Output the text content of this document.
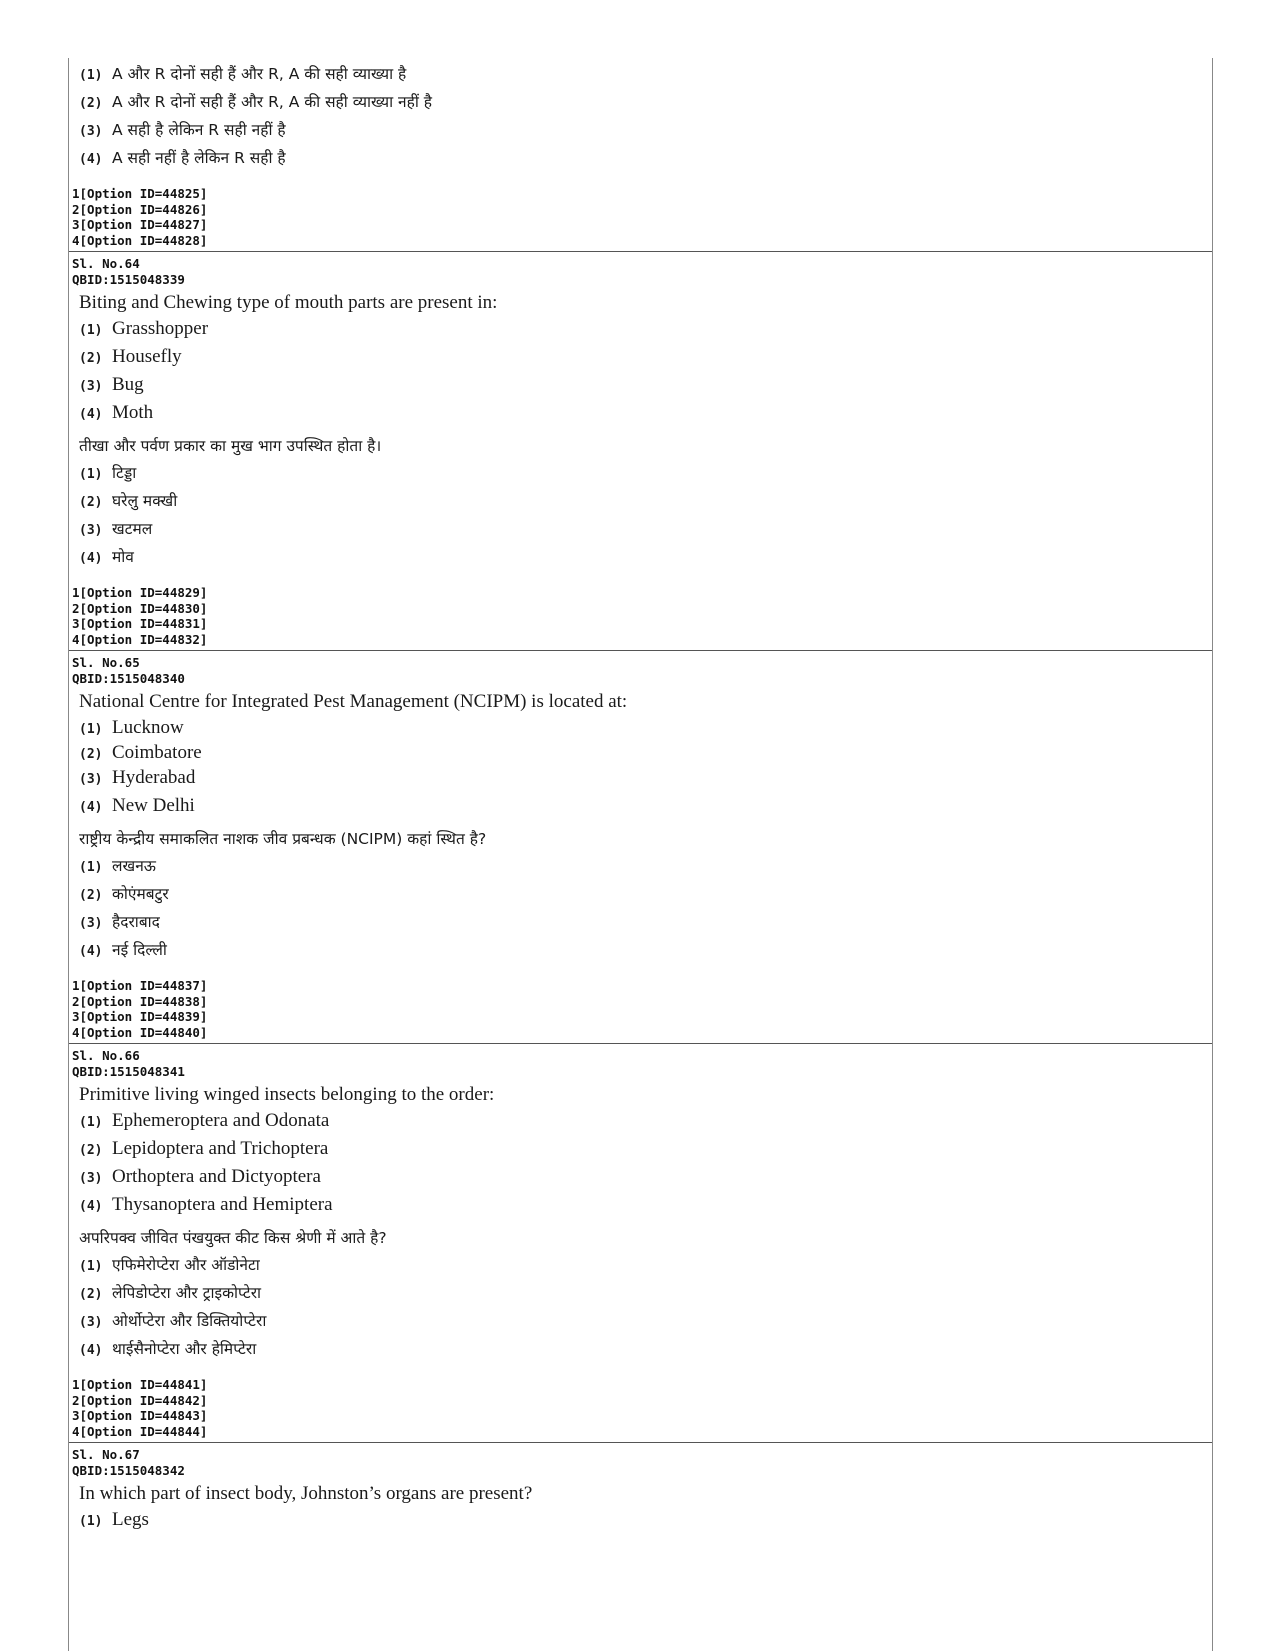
(1) A और R दोनों सही हैं और R, A की सही व्याख्या है
(2) A और R दोनों सही हैं और R, A की सही व्याख्या नहीं है
(3) A सही है लेकिन R सही नहीं है
(4) A सही नहीं है लेकिन R सही है
1[Option ID=44825]
2[Option ID=44826]
3[Option ID=44827]
4[Option ID=44828]
Sl. No.64
QBID:1515048339
Biting and Chewing type of mouth parts are present in:
(1) Grasshopper
(2) Housefly
(3) Bug
(4) Moth
तीखा और पर्वण प्रकार का मुख भाग उपस्थित होता है।
(1) टिड्डा
(2) घरेलु मक्खी
(3) खटमल
(4) मोव
1[Option ID=44829]
2[Option ID=44830]
3[Option ID=44831]
4[Option ID=44832]
Sl. No.65
QBID:1515048340
National Centre for Integrated Pest Management (NCIPM) is located at:
(1) Lucknow
(2) Coimbatore
(3) Hyderabad
(4) New Delhi
राष्ट्रीय केन्द्रीय समाकलित नाशक जीव प्रबन्धक (NCIPM) कहां स्थित है?
(1) लखनऊ
(2) कोएंमबटुर
(3) हैदराबाद
(4) नई दिल्ली
1[Option ID=44837]
2[Option ID=44838]
3[Option ID=44839]
4[Option ID=44840]
Sl. No.66
QBID:1515048341
Primitive living winged insects belonging to the order:
(1) Ephemeroptera and Odonata
(2) Lepidoptera and Trichoptera
(3) Orthoptera and Dictyoptera
(4) Thysanoptera and Hemiptera
अपरिपक्व जीवित पंखयुक्त कीट किस श्रेणी में आते है?
(1) एफिमेरोप्टेरा और ऑडोनेटा
(2) लेपिडोप्टेरा और ट्राइकोप्टेरा
(3) ओर्थोप्टेरा और डिक्तियोप्टेरा
(4) थाईसैनोप्टेरा और हेमिप्टेरा
1[Option ID=44841]
2[Option ID=44842]
3[Option ID=44843]
4[Option ID=44844]
Sl. No.67
QBID:1515048342
In which part of insect body, Johnston’s organs are present?
(1) Legs
